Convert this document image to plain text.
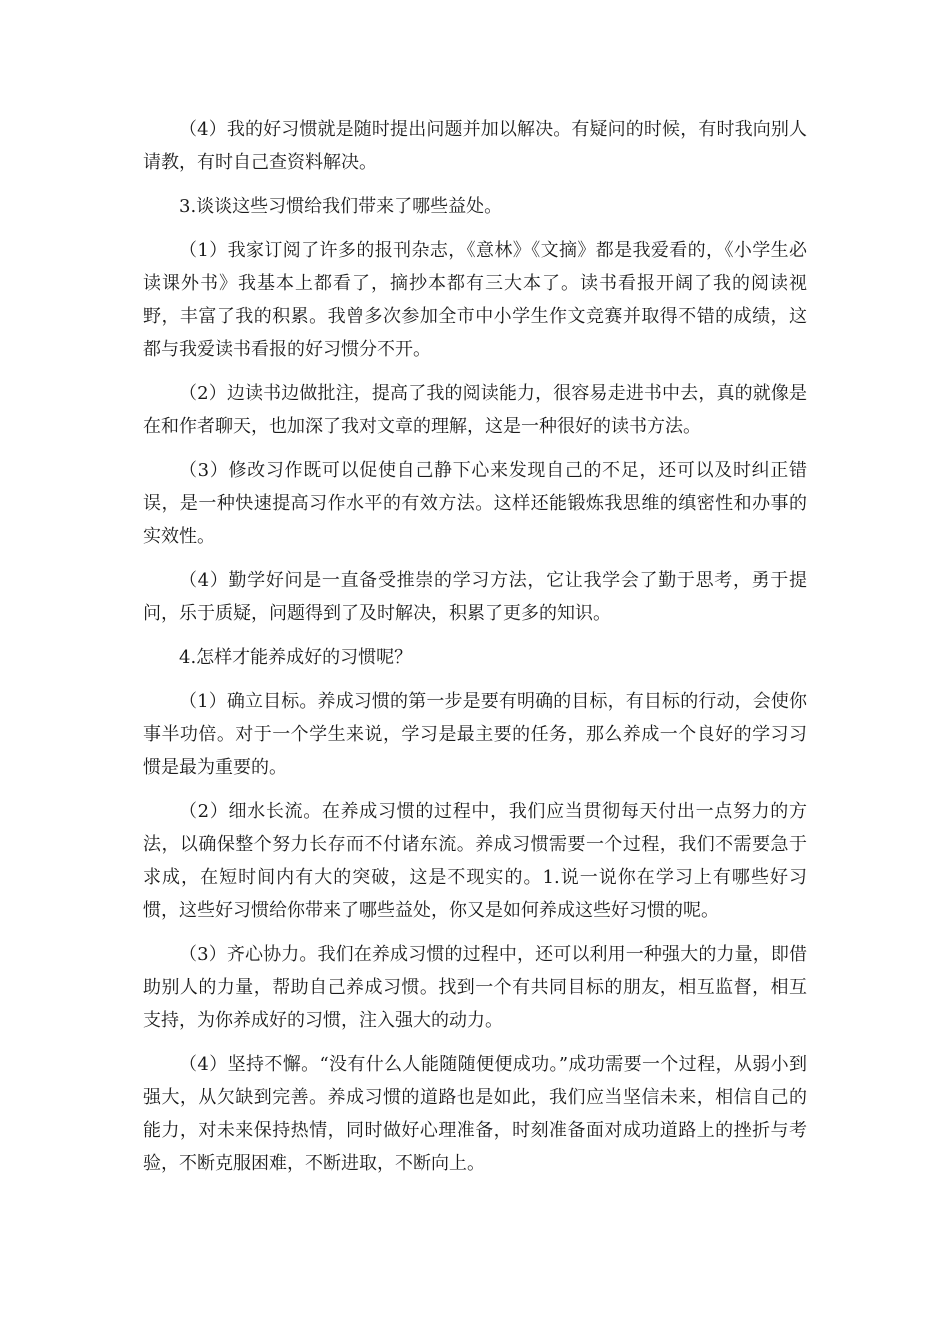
（4）我的好习惯就是随时提出问题并加以解决。有疑问的时候，有时我向别人请教，有时自己查资料解决。

3.谈谈这些习惯给我们带来了哪些益处。

（1）我家订阅了许多的报刊杂志，《意林》《文摘》都是我爱看的，《小学生必读课外书》我基本上都看了，摘抄本都有三大本了。读书看报开阔了我的阅读视野，丰富了我的积累。我曾多次参加全市中小学生作文竞赛并取得不错的成绩，这都与我爱读书看报的好习惯分不开。

（2）边读书边做批注，提高了我的阅读能力，很容易走进书中去，真的就像是在和作者聊天，也加深了我对文章的理解，这是一种很好的读书方法。

（3）修改习作既可以促使自己静下心来发现自己的不足，还可以及时纠正错误，是一种快速提高习作水平的有效方法。这样还能锻炼我思维的缜密性和办事的实效性。

（4）勤学好问是一直备受推崇的学习方法，它让我学会了勤于思考，勇于提问，乐于质疑，问题得到了及时解决，积累了更多的知识。

4.怎样才能养成好的习惯呢？

（1）确立目标。养成习惯的第一步是要有明确的目标，有目标的行动，会使你事半功倍。对于一个学生来说，学习是最主要的任务，那么养成一个良好的学习习惯是最为重要的。

（2）细水长流。在养成习惯的过程中，我们应当贯彻每天付出一点努力的方法，以确保整个努力长存而不付诸东流。养成习惯需要一个过程，我们不需要急于求成，在短时间内有大的突破，这是不现实的。1.说一说你在学习上有哪些好习惯，这些好习惯给你带来了哪些益处，你又是如何养成这些好习惯的呢。

（3）齐心协力。我们在养成习惯的过程中，还可以利用一种强大的力量，即借助别人的力量，帮助自己养成习惯。找到一个有共同目标的朋友，相互监督，相互支持，为你养成好的习惯，注入强大的动力。

（4）坚持不懈。“没有什么人能随随便便成功。”成功需要一个过程，从弱小到强大，从欠缺到完善。养成习惯的道路也是如此，我们应当坚信未来，相信自己的能力，对未来保持热情，同时做好心理准备，时刻准备面对成功道路上的挫折与考验，不断克服困难，不断进取，不断向上。
